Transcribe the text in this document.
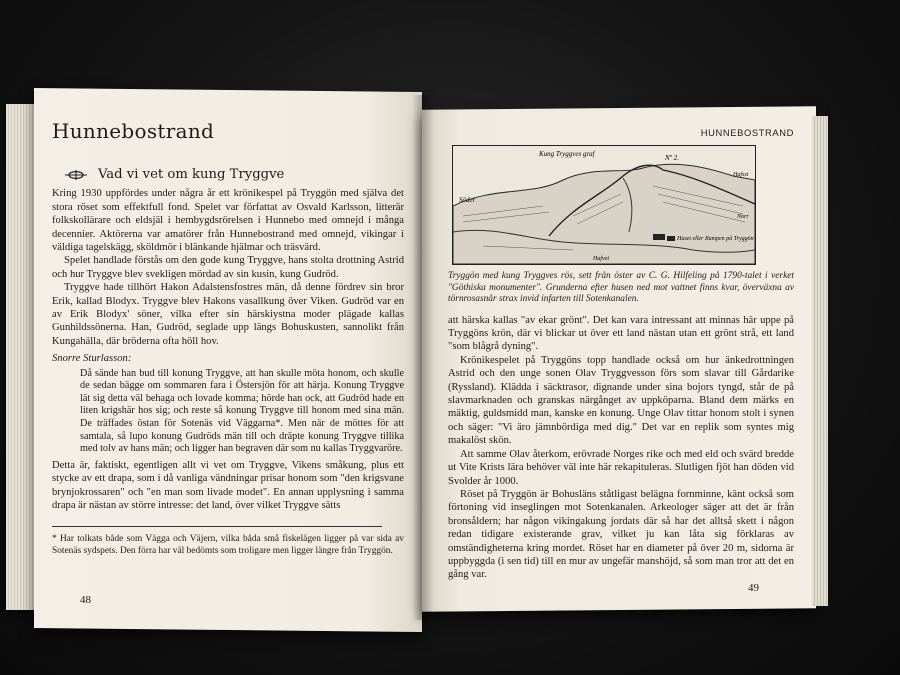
Hunnebostrand
Vad vi vet om kung Tryggve

Kring 1930 uppfördes under några år ett krönikespel på Tryggön med själva det stora röset som effektfull fond. Spelet var författat av Osvald Karlsson, litterär folkskollärare och eldsjäl i hembygdsrörelsen i Hunnebo med omnejd i många decennier. Aktörerna var amatörer från Hunnebostrand med omnejd, vikingar i väldiga tagelskägg, sköldmör i blänkande hjälmar och träsvärd.

Spelet handlade förstås om den gode kung Tryggve, hans stolta drottning Astrid och hur Tryggve blev svekligen mördad av sin kusin, kung Gudröd.

Tryggve hade tillhört Hakon Adalstensfostres män, då denne fördrev sin bror Erik, kallad Blodyx. Tryggve blev Hakons vasallkung över Viken. Gudröd var en av Erik Blodyx' söner, vilka efter sin härskiystna moder plägade kallas Gunhildssönerna. Han, Gudröd, seglade upp längs Bohuskusten, sannolikt från Kungahälla, där bröderna ofta höll hov.

Snorre Sturlasson:

Då sände han bud till konung Tryggve, att han skulle möta honom, och skulle de sedan bägge om sommaren fara i Östersjön för att härja. Konung Tryggve lät sig detta väl behaga och lovade komma; hörde han ock, att Gudröd hade en liten krigshär hos sig; och reste så konung Tryggve till honom med sina män. De träffades östan för Sotenäs vid Väggarna*. Men när de möttes för att samtala, så lupo konung Gudröds män till och dräpte konung Tryggve tillika med tolv av hans män; och ligger han begraven där som nu kallas Tryggvaröre.

Detta är, faktiskt, egentligen allt vi vet om Tryggve, Vikens småkung, plus ett stycke av ett drapa, som i då vanliga vändningar prisar honom som "den krigsvane brynjokrossaren" och "en man som livade modet". En annan upplysning i samma drapa är nästan av större intresse: det land, över vilket Tryggve sätts

* Har tolkats både som Vägga och Väjern, vilka båda små fiskelägen ligger på var sida av Sotenäs sydspets. Den förra har väl bedömts som troligare men ligger längre från Tryggön.

48
HUNNEBOSTRAND
Kung Tryggves graf	Nº 2.
Hafsst
Söder
Norr
Huset eller Rumpen på Tryggön
Hafvet

Tryggön med kung Tryggves rös, sett från öster av C. G. Hilfeling på 1790-talet i verket "Göthiska monumenter". Grunderna efter husen ned mot vattnet finns kvar, överväxna av törnrosasnår strax invid infarten till Sotenkanalen.

att härska kallas "av ekar grönt". Det kan vara intressant att minnas här uppe på Tryggöns krön, där vi blickar ut över ett land nästan utan ett grönt strå, ett land "som blågrå dyning".

Krönikespelet på Tryggöns topp handlade också om hur änkedrottningen Astrid och den unge sonen Olav Tryggvesson förs som slavar till Gårdarike (Ryssland). Klädda i säcktrasor, dignande under sina bojors tyngd, står de på slavmarknaden och granskas närgånget av uppköparna. Bland dem märks en mäktig, guldsmidd man, kanske en konung. Unge Olav tittar honom stolt i synen och säger: "Vi äro jämnbördiga med dig." Det var en replik som syntes mig makalöst skön.

Att samme Olav återkom, erövrade Norges rike och med eld och svärd bredde ut Vite Krists lära behöver väl inte här rekapituleras. Slutligen fjöt han döden vid Svolder år 1000.

Röset på Tryggön är Bohusläns ståtligast belägna fornminne, känt också som förtoning vid inseglingen mot Sotenkanalen. Arkeologer säger att det är från bronsåldern; har någon vikingakung jordats där så har det alltså skett i någon redan tidigare existerande grav, vilket ju kan låta sig förklaras av omständigheterna kring mordet. Röset har en diameter på över 20 m, sidorna är uppbyggda (i sen tid) till en mur av ungefär manshöjd, så som man tror att det en gång var.

49
